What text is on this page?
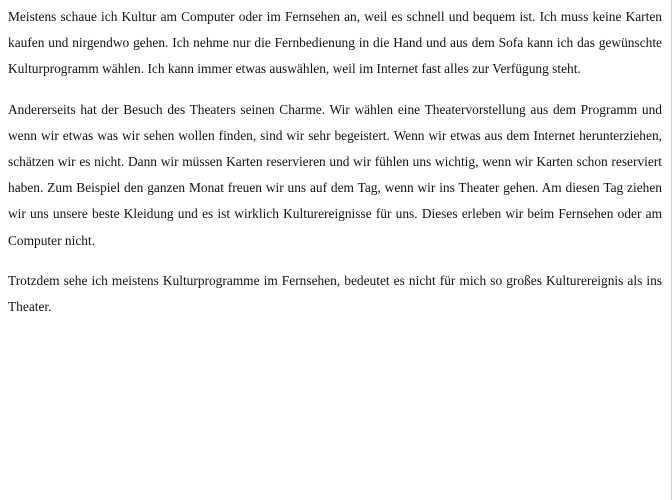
Meistens schaue ich Kultur am Computer oder im Fernsehen an, weil es schnell und bequem ist. Ich muss keine Karten kaufen und nirgendwo gehen. Ich nehme nur die Fernbedienung in die Hand und aus dem Sofa kann ich das gewünschte Kulturprogramm wählen. Ich kann immer etwas auswählen, weil im Internet fast alles zur Verfügung steht.

Andererseits hat der Besuch des Theaters seinen Charme. Wir wählen eine Theatervorstellung aus dem Programm und wenn wir etwas was wir sehen wollen finden, sind wir sehr begeistert. Wenn wir etwas aus dem Internet herunterziehen, schätzen wir es nicht. Dann wir müssen Karten reservieren und wir fühlen uns wichtig, wenn wir Karten schon reserviert haben. Zum Beispiel den ganzen Monat freuen wir uns auf dem Tag, wenn wir ins Theater gehen. Am diesen Tag ziehen wir uns unsere beste Kleidung und es ist wirklich Kulturereignisse für uns. Dieses erleben wir beim Fernsehen oder am Computer nicht.

Trotzdem sehe ich meistens Kulturprogramme im Fernsehen, bedeutet es nicht für mich so großes Kulturereignis als ins Theater.
